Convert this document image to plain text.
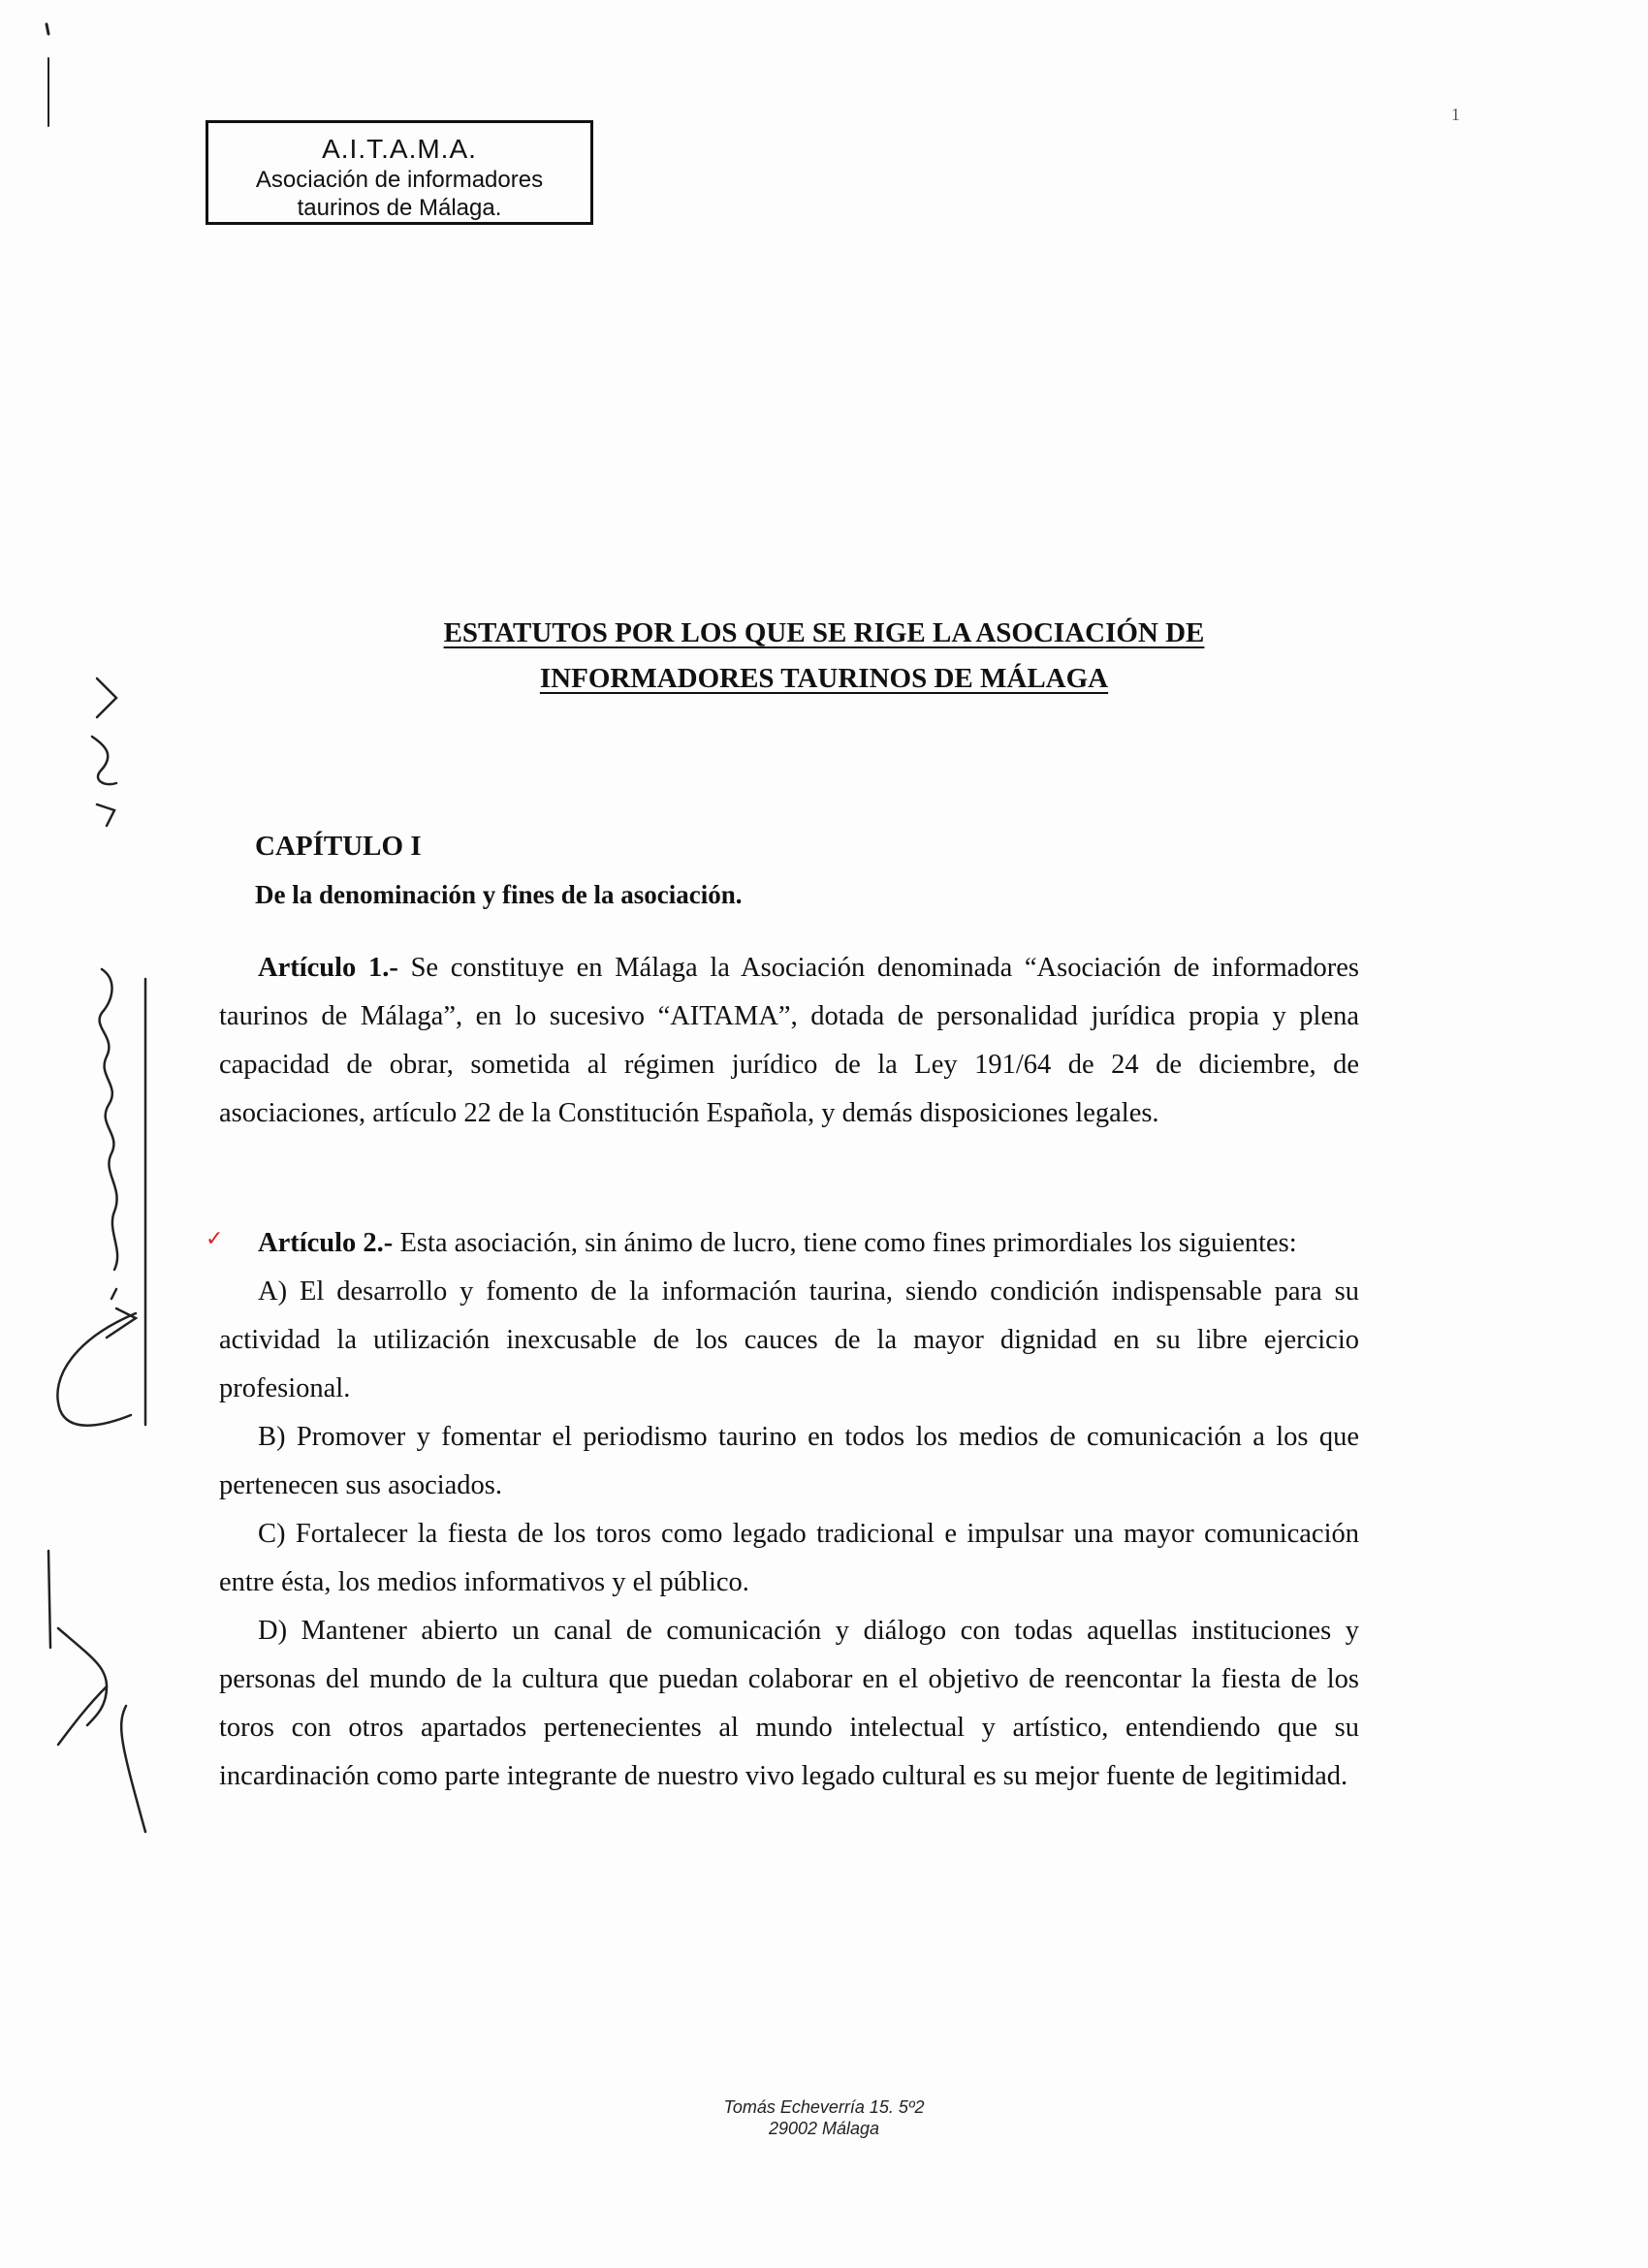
A.I.T.A.M.A.
Asociación de informadores
taurinos de Málaga.
1
ESTATUTOS POR LOS QUE SE RIGE LA ASOCIACIÓN DE
INFORMADORES TAURINOS DE MÁLAGA
CAPÍTULO I
De la denominación y fines de la asociación.

Artículo 1.- Se constituye en Málaga la Asociación denominada “Asociación de informadores taurinos de Málaga”, en lo sucesivo “AITAMA”, dotada de personalidad jurídica propia y plena capacidad de obrar, sometida al régimen jurídico de la Ley 191/64 de 24 de diciembre, de asociaciones, artículo 22 de la Constitución Española, y demás disposiciones legales.

✓	Artículo 2.- Esta asociación, sin ánimo de lucro, tiene como fines primordiales los siguientes:

A) El desarrollo y fomento de la información taurina, siendo condición indispensable para su actividad la utilización inexcusable de los cauces de la mayor dignidad en su libre ejercicio profesional.

B) Promover y fomentar el periodismo taurino en todos los medios de comunicación a los que pertenecen sus asociados.

C) Fortalecer la fiesta de los toros como legado tradicional e impulsar una mayor comunicación entre ésta, los medios informativos y el público.

D) Mantener abierto un canal de comunicación y diálogo con todas aquellas instituciones y personas del mundo de la cultura que puedan colaborar en el objetivo de reencontar la fiesta de los toros con otros apartados pertenecientes al mundo intelectual y artístico, entendiendo que su incardinación como parte integrante de nuestro vivo legado cultural es su mejor fuente de legitimidad.

Tomás Echeverría 15. 5º2
29002 Málaga
